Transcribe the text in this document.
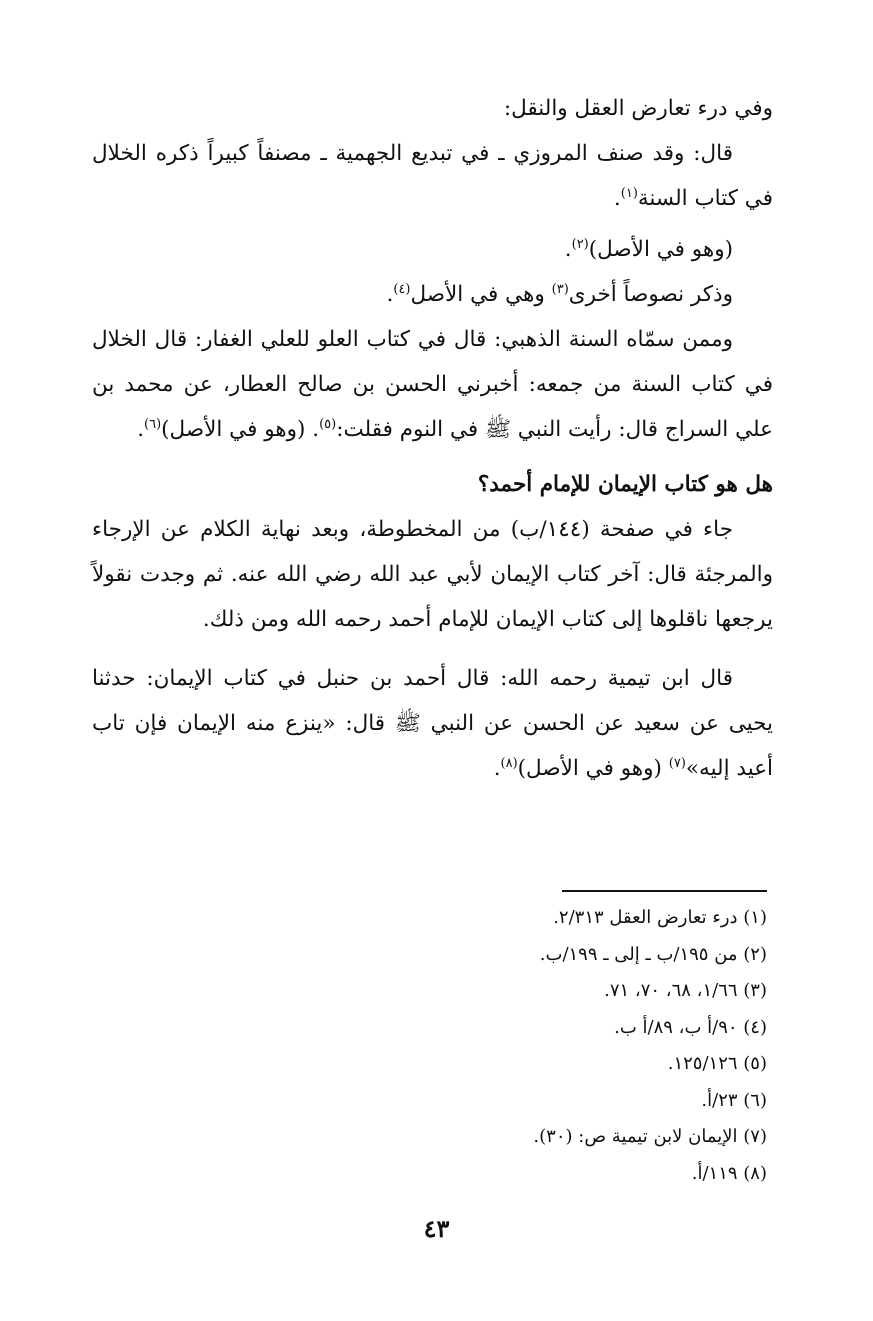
وفي درء تعارض العقل والنقل:

قال: وقد صنف المروزي ـ في تبديع الجهمية ـ مصنفاً كبيراً ذكره الخلال في كتاب السنة$^{(١)}$.

(وهو في الأصل)$^{(٢)}$.

وذكر نصوصاً أخرى$^{(٣)}$ وهي في الأصل$^{(٤)}$.

وممن سمّاه السنة الذهبي: قال في كتاب العلو للعلي الغفار: قال الخلال في كتاب السنة من جمعه: أخبرني الحسن بن صالح العطار، عن محمد بن علي السراج قال: رأيت النبي ﷺ في النوم فقلت:$^{(٥)}$. (وهو في الأصل)$^{(٦)}$.

هل هو كتاب الإيمان للإمام أحمد؟

جاء في صفحة (١٤٤/ب) من المخطوطة، وبعد نهاية الكلام عن الإرجاء والمرجئة قال: آخر كتاب الإيمان لأبي عبد الله رضي الله عنه. ثم وجدت نقولاً يرجعها ناقلوها إلى كتاب الإيمان للإمام أحمد رحمه الله ومن ذلك.

قال ابن تيمية رحمه الله: قال أحمد بن حنبل في كتاب الإيمان: حدثنا يحيى عن سعيد عن الحسن عن النبي ﷺ قال: «ينزع منه الإيمان فإن تاب أعيد إليه»$^{(٧)}$ (وهو في الأصل)$^{(٨)}$.

(١) درء تعارض العقل ٢/٣١٣.

(٢) من ١٩٥/ب ـ إلى ـ ١٩٩/ب.

(٣) ١/٦٦، ٦٨، ٧٠، ٧١.

(٤) ٩٠/أ ب، ٨٩/أ ب.

(٥) ١٢٥/١٢٦.

(٦) ٢٣/أ.

(٧) الإيمان لابن تيمية ص: (٣٠).

(٨) ١١٩/أ.

٤٣
